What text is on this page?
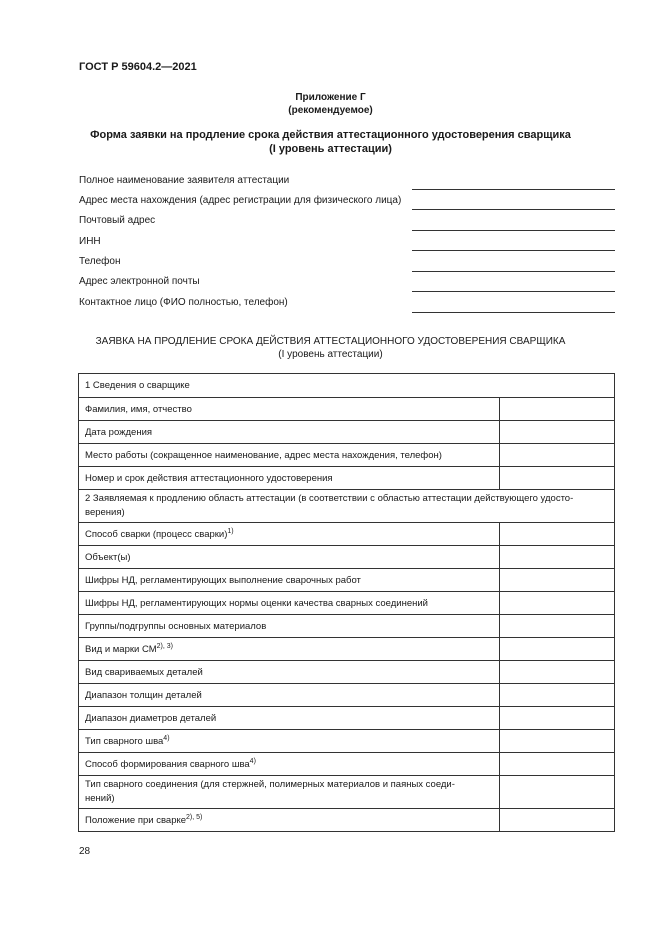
ГОСТ Р 59604.2—2021
Приложение Г
(рекомендуемое)
Форма заявки на продление срока действия аттестационного удостоверения сварщика
(I уровень аттестации)
Полное наименование заявителя аттестации
Адрес места нахождения (адрес регистрации для физического лица)
Почтовый адрес
ИНН
Телефон
Адрес электронной почты
Контактное лицо (ФИО полностью, телефон)
ЗАЯВКА НА ПРОДЛЕНИЕ СРОКА ДЕЙСТВИЯ АТТЕСТАЦИОННОГО УДОСТОВЕРЕНИЯ СВАРЩИКА
(I уровень аттестации)
1 Сведения о сварщике	
Фамилия, имя, отчество	
Дата рождения	
Место работы (сокращенное наименование, адрес места нахождения, телефон)	
Номер и срок действия аттестационного удостоверения	

2 Заявляемая к продлению область аттестации (в соответствии с областью аттестации действующего удосто-
верения)	

Способ сварки (процесс сварки)$^{1)}$	
Объект(ы)	
Шифры НД, регламентирующих выполнение сварочных работ	
Шифры НД, регламентирующих нормы оценки качества сварных соединений	
Группы/подгруппы основных материалов	
Вид и марки $СМ^{2), 3)}$	
Вид свариваемых деталей	
Диапазон толщин деталей	
Диапазон диаметров деталей	
Тип сварного шва$^{4)}$	
Способ формирования сварного шва$^{4)}$	

Тип сварного соединения (для стержней, полимерных материалов и паяных соеди-
нений)	

Положение при сварке$^{2), 5)}$	
28
